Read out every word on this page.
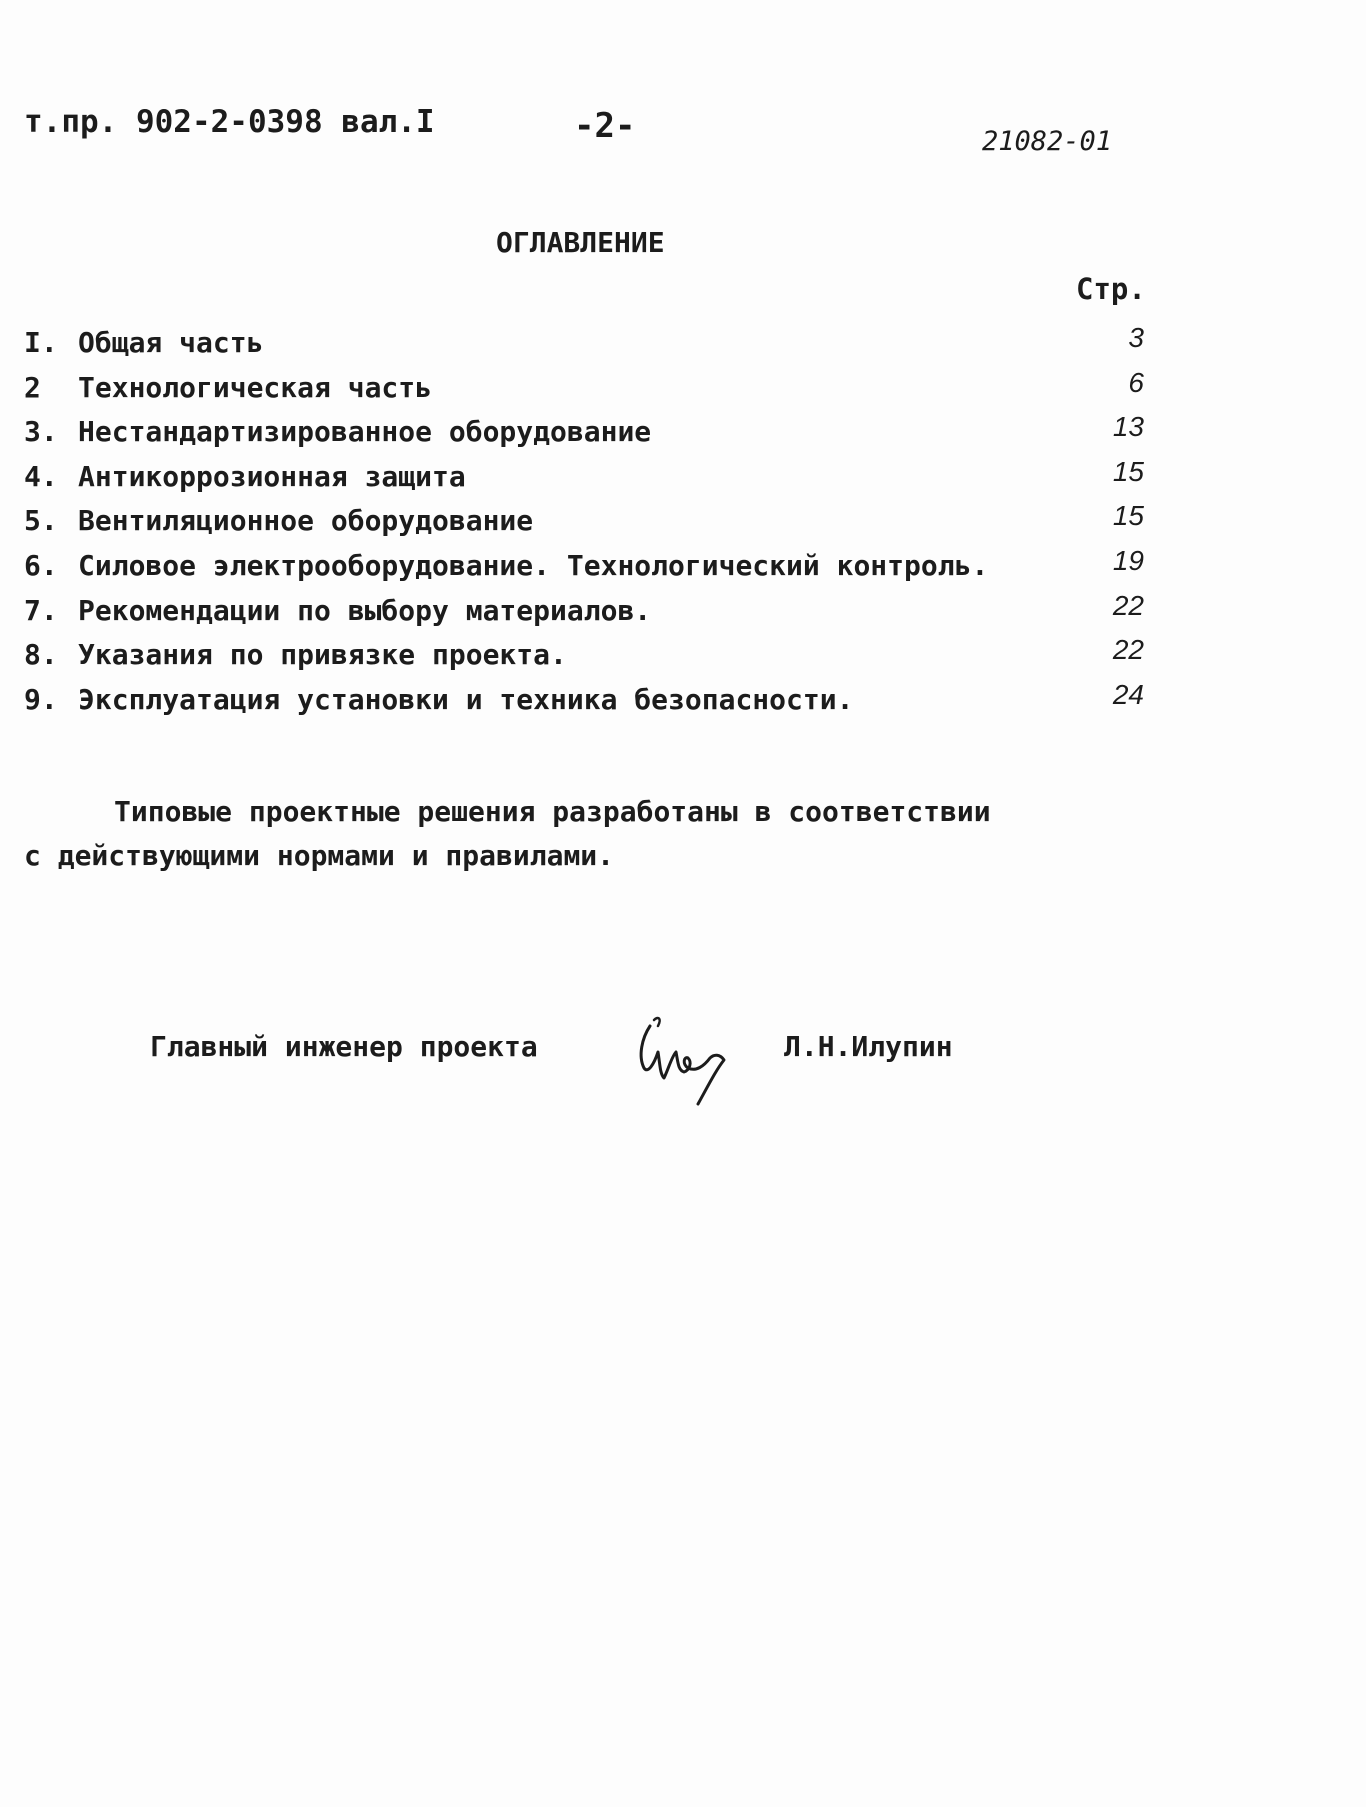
т.пр. 902-2-0398 вал.I	-2-	21082-01
ОГЛАВЛЕНИЕ
Стр.
I. Общая часть	3
2 Технологическая часть	6
3. Нестандартизированное оборудование	13
4. Антикоррозионная защита	15
5. Вентиляционное оборудование	15
6. Силовое электрооборудование. Технологический контроль.	19
7. Рекомендации по выбору материалов.	22
8. Указания по привязке проекта.	22
9. Эксплуатация установки и техника безопасности.	24
Типовые проектные решения разработаны в соответствии
с действующими нормами и правилами.
Главный инженер проекта	Л.Н.Илупин
